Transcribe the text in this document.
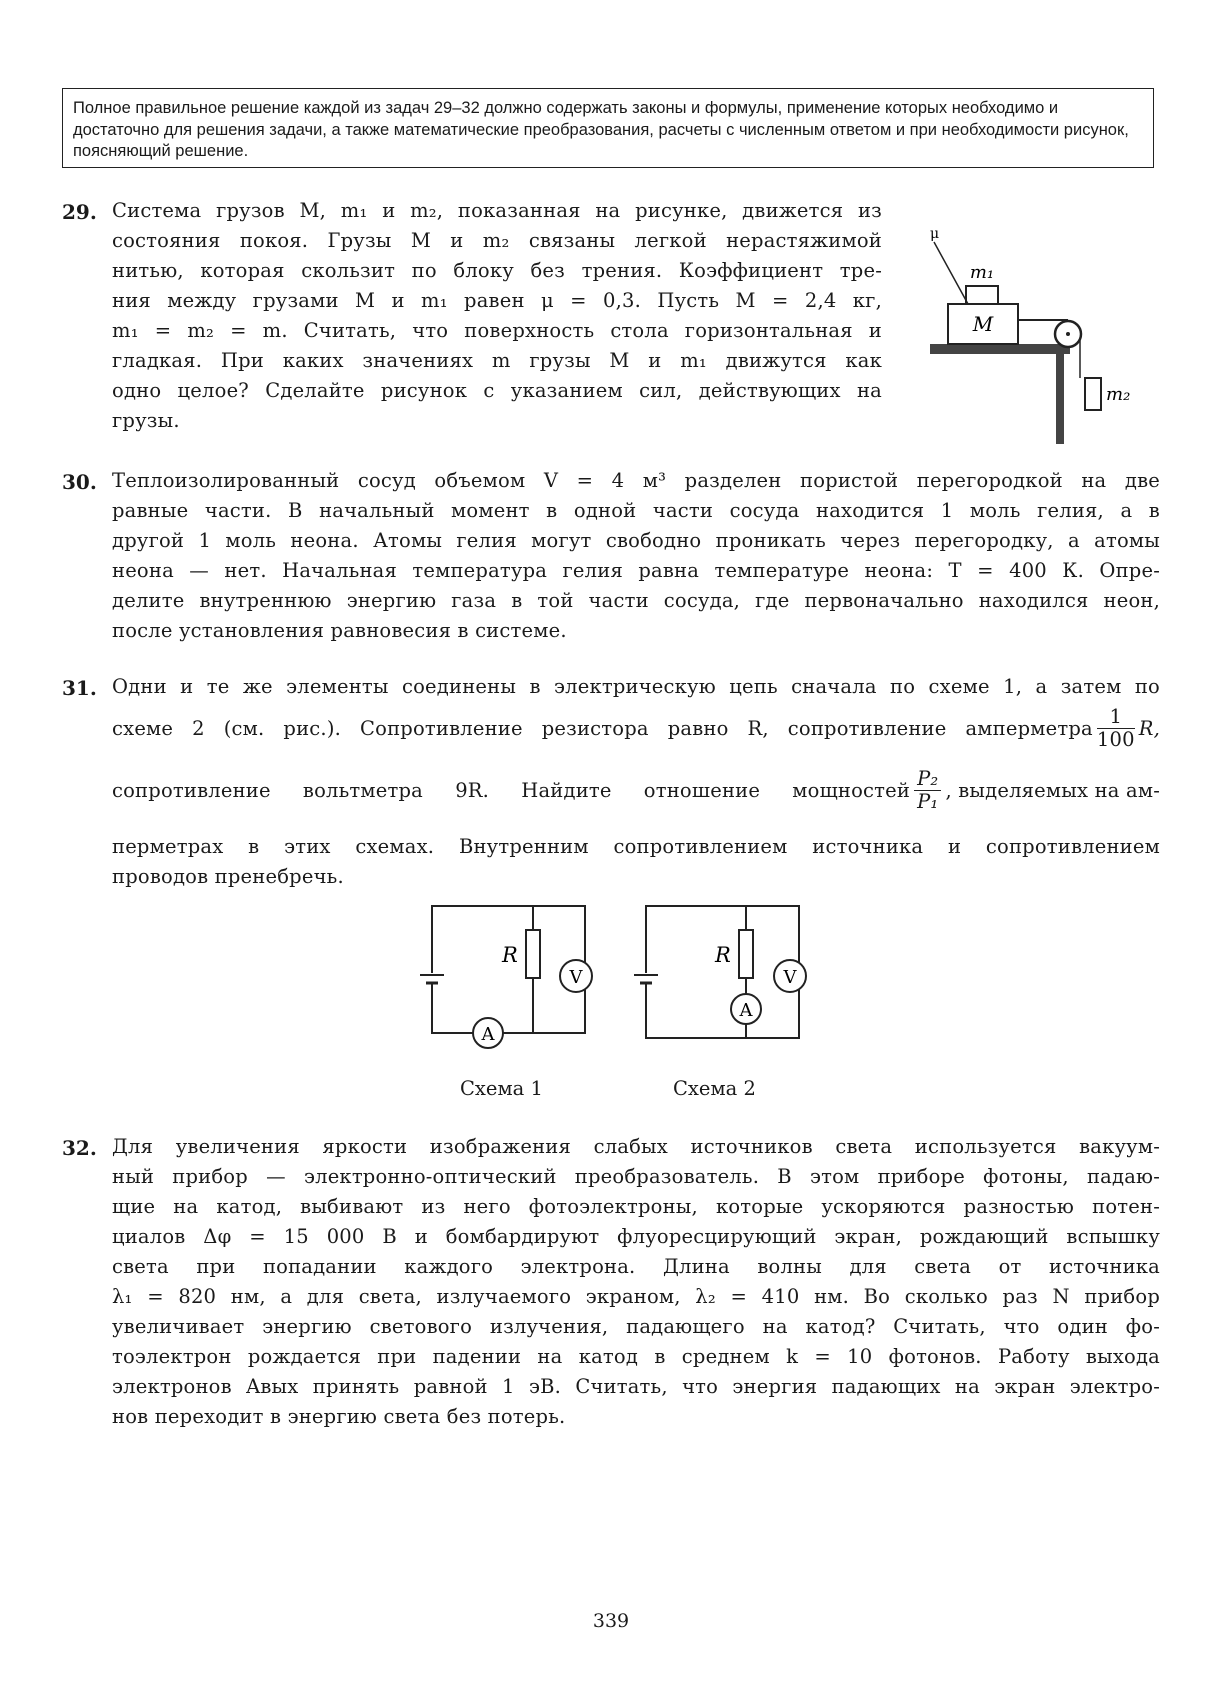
Полное правильное решение каждой из задач 29–32 должно содержать законы и формулы, применение которых необходимо и достаточно для решения задачи, а также математические преобразования, расчеты с численным ответом и при необходимости рисунок, поясняющий решение.
29. Система грузов M, m₁ и m₂, показанная на рисунке, движется из
состояния покоя. Грузы M и m₂ связаны легкой нерастяжимой
нитью, которая скользит по блоку без трения. Коэффициент тре-
ния между грузами M и m₁ равен μ = 0,3. Пусть M = 2,4 кг,
m₁ = m₂ = m. Считать, что поверхность стола горизонтальная и
гладкая. При каких значениях m грузы M и m₁ движутся как
одно целое? Сделайте рисунок с указанием сил, действующих на
грузы.
M
m₁
μ
m₂
30. Теплоизолированный сосуд объемом V = 4 м³ разделен пористой перегородкой на две
равные части. В начальный момент в одной части сосуда находится 1 моль гелия, а в
другой 1 моль неона. Атомы гелия могут свободно проникать через перегородку, а атомы
неона — нет. Начальная температура гелия равна температуре неона: T = 400 К. Опре-
делите внутреннюю энергию газа в той части сосуда, где первоначально находился неон,
после установления равновесия в системе.
31. Одни и те же элементы соединены в электрическую цепь сначала по схеме 1, а затем по
схеме 2 (см. рис.). Сопротивление резистора равно R, сопротивление амперметра $\frac{1}{100} R$,
сопротивление вольтметра 9R. Найдите отношение мощностей $\frac{\text{P₂}}{\text{P₁}}$ , выделяемых на ам-
перметрах в этих схемах. Внутренним сопротивлением источника и сопротивлением
проводов пренебречь.
V
R
A
Схема 1
V
R
A
Схема 2
32. Для увеличения яркости изображения слабых источников света используется вакуум-
ный прибор — электронно-оптический преобразователь. В этом приборе фотоны, падаю-
щие на катод, выбивают из него фотоэлектроны, которые ускоряются разностью потен-
циалов Δφ = 15 000 В и бомбардируют флуоресцирующий экран, рождающий вспышку
света при попадании каждого электрона. Длина волны для света от источника
λ₁ = 820 нм, а для света, излучаемого экраном, λ₂ = 410 нм. Во сколько раз N прибор
увеличивает энергию светового излучения, падающего на катод? Считать, что один фо-
тоэлектрон рождается при падении на катод в среднем k = 10 фотонов. Работу выхода
электронов Aвых принять равной 1 эВ. Считать, что энергия падающих на экран электро-
нов переходит в энергию света без потерь.
339
